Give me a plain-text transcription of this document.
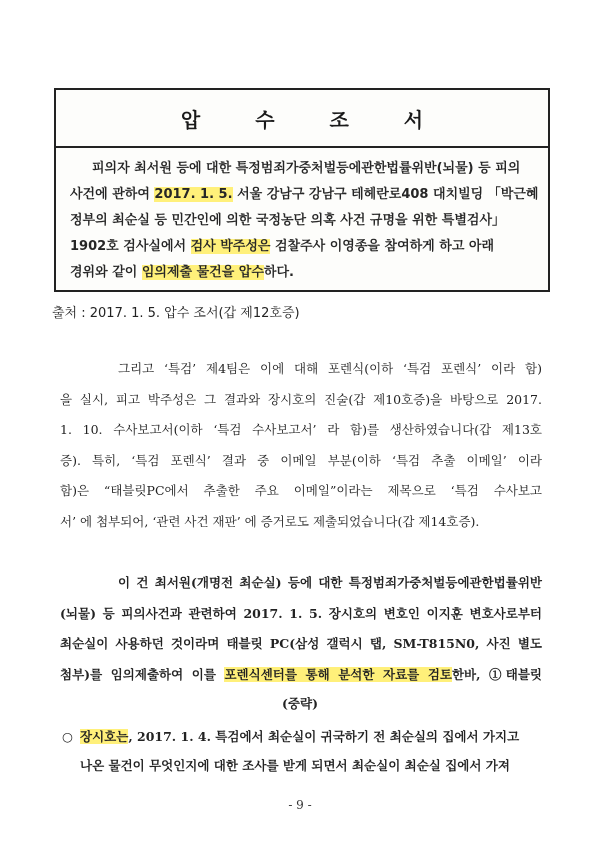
압 수 조 서
피의자 최서원 등에 대한 특정범죄가중처벌등에관한법률위반(뇌물) 등 피의
사건에 관하여 2017. 1. 5. 서울 강남구 강남구 테헤란로408 대치빌딩 「박근혜
정부의 최순실 등 민간인에 의한 국정농단 의혹 사건 규명을 위한 특별검사」
1902호 검사실에서 검사 박주성은 검찰주사 이영종을 참여하게 하고 아래
경위와 같이 임의제출 물건을 압수하다.
출처 : 2017. 1. 5. 압수 조서(갑 제12호증)
그리고 ‘특검’ 제4팀은 이에 대해 포렌식(이하 ‘특검 포렌식’ 이라 함)
을 실시, 피고 박주성은 그 결과와 장시호의 진술(갑 제10호증)을 바탕으로 2017.
1. 10. 수사보고서(이하 ‘특검 수사보고서’ 라 함)를 생산하였습니다(갑 제13호
증). 특히, ‘특검 포렌식’ 결과 중 이메일 부분(이하 ‘특검 추출 이메일’ 이라
함)은 “태블릿PC에서 추출한 주요 이메일”이라는 제목으로 ‘특검 수사보고
서’ 에 첨부되어, ‘관련 사건 재판’ 에 증거로도 제출되었습니다(갑 제14호증).
이 건 최서원(개명전 최순실) 등에 대한 특정범죄가중처벌등에관한법률위반
(뇌물) 등 피의사건과 관련하여 2017. 1. 5. 장시호의 변호인 이지훈 변호사로부터
최순실이 사용하던 것이라며 태블릿 PC(삼성 갤럭시 탭, SM-T815N0, 사진 별도
첨부)를 임의제출하여 이를 포렌식센터를 통해 분석한 자료를 검토한바, ①태블릿
(중략)
○ 장시호는, 2017. 1. 4. 특검에서 최순실이 귀국하기 전 최순실의 집에서 가지고
나온 물건이 무엇인지에 대한 조사를 받게 되면서 최순실이 최순실 집에서 가져
- 9 -
